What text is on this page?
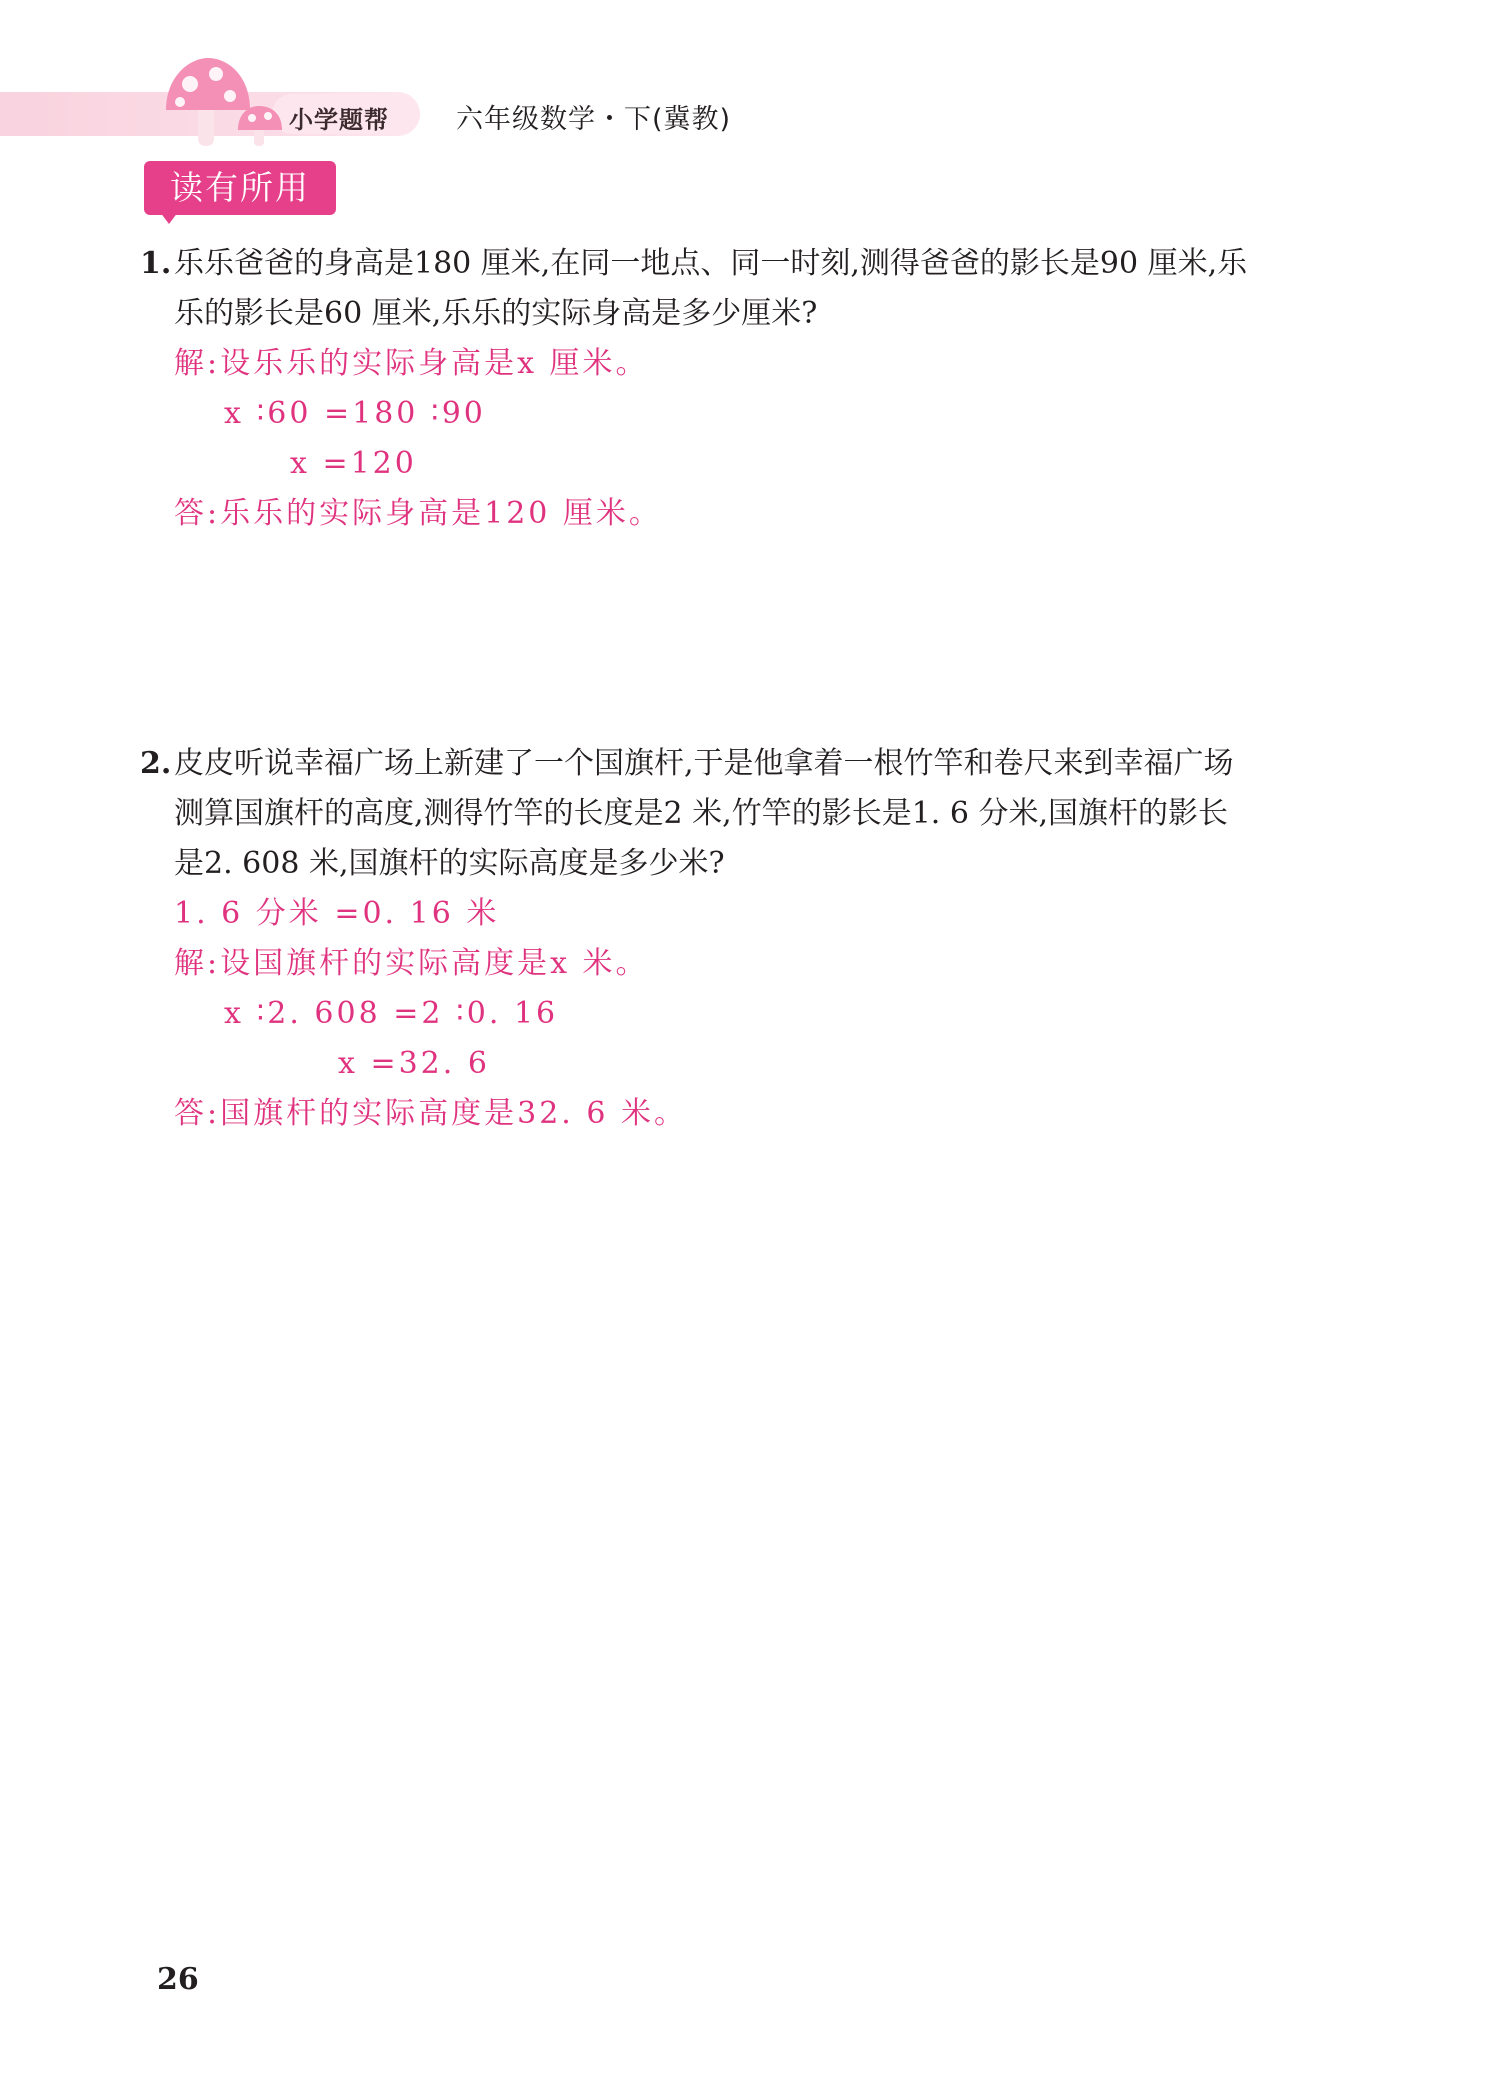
小学题帮 六年级数学・下(冀教)
读有所用
1. 乐乐爸爸的身高是180 厘米,在同一地点、同一时刻,测得爸爸的影长是90 厘米,乐
乐的影长是60 厘米,乐乐的实际身高是多少厘米?
解:设乐乐的实际身高是x 厘米。
x ∶60 =180 ∶90
x =120
答:乐乐的实际身高是120 厘米。
2. 皮皮听说幸福广场上新建了一个国旗杆,于是他拿着一根竹竿和卷尺来到幸福广场
测算国旗杆的高度,测得竹竿的长度是2 米,竹竿的影长是1. 6 分米,国旗杆的影长
是2. 608 米,国旗杆的实际高度是多少米?
1. 6 分米 =0. 16 米
解:设国旗杆的实际高度是x 米。
x ∶2. 608 =2 ∶0. 16
x =32. 6
答:国旗杆的实际高度是32. 6 米。
26
